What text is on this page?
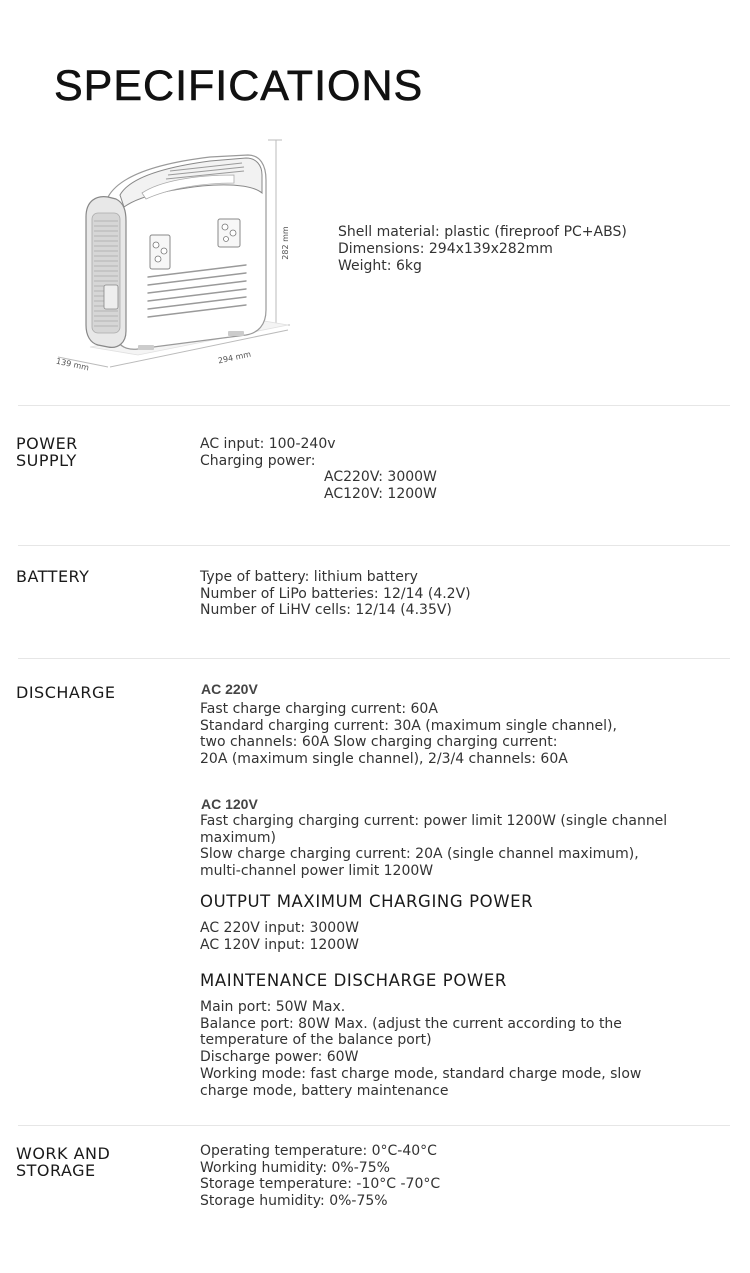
SPECIFICATIONS
282 mm
294 mm
139 mm
Shell material: plastic (fireproof PC+ABS)
Dimensions: 294x139x282mm
Weight: 6kg
POWER
SUPPLY
AC input: 100-240v
Charging power:
AC220V: 3000W
AC120V: 1200W
BATTERY	Type of battery: lithium battery
Number of LiPo batteries: 12/14 (4.2V)
Number of LiHV cells: 12/14 (4.35V)
DISCHARGE	AC 220V
Fast charge charging current: 60A
Standard charging current: 30A (maximum single channel),
two channels: 60A Slow charging charging current:
20A (maximum single channel), 2/3/4 channels: 60A
AC 120V
Fast charging charging current: power limit 1200W (single channel
maximum)
Slow charge charging current: 20A (single channel maximum),
multi-channel power limit 1200W
OUTPUT MAXIMUM CHARGING POWER
AC 220V input: 3000W
AC 120V input: 1200W
MAINTENANCE DISCHARGE POWER
Main port: 50W Max.
Balance port: 80W Max. (adjust the current according to the
temperature of the balance port)
Discharge power: 60W
Working mode: fast charge mode, standard charge mode, slow
charge mode, battery maintenance
WORK AND
STORAGE
Operating temperature: 0°C-40°C
Working humidity: 0%-75%
Storage temperature: -10°C -70°C
Storage humidity: 0%-75%
